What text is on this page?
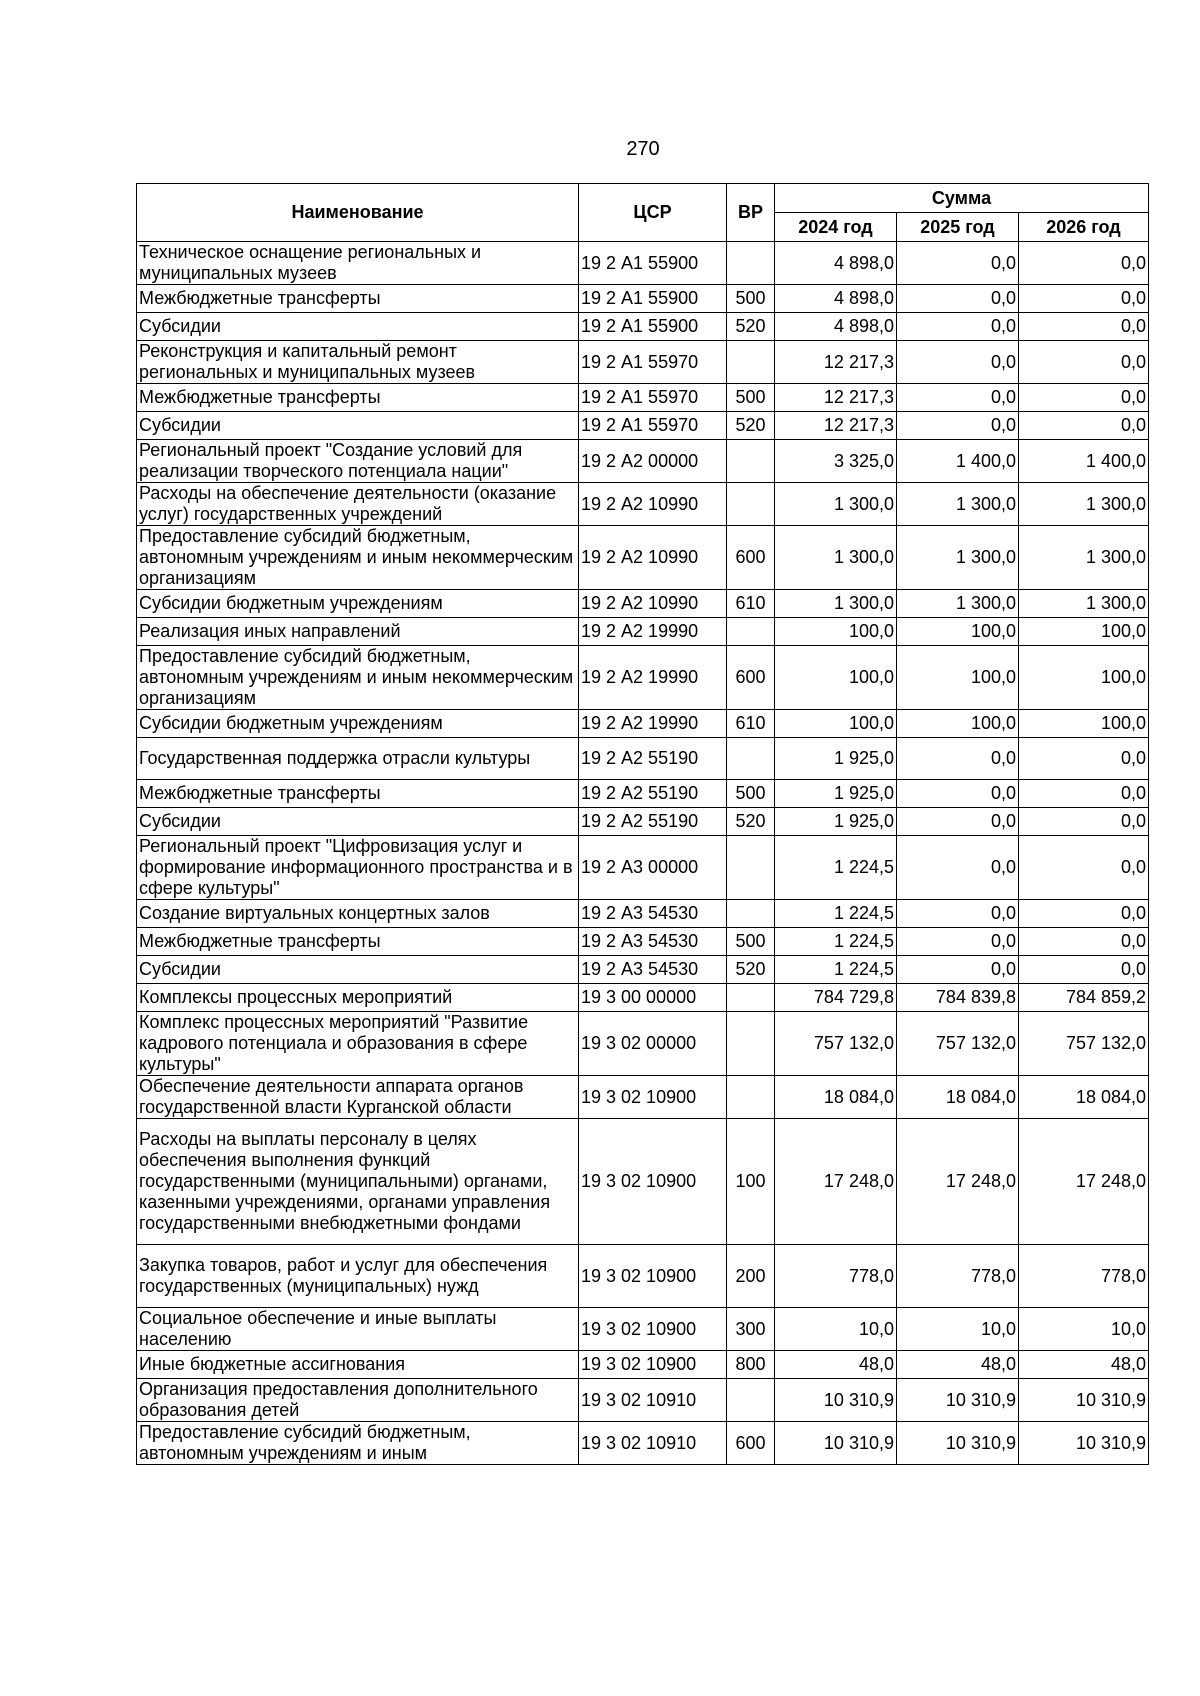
270
Наименование	ЦСР	ВР	Сумма		
			2024 год	2025 год	2026 год
Техническое оснащение региональных и муниципальных музеев	19 2 А1 55900		4 898,0	0,0	0,0
Межбюджетные трансферты	19 2 А1 55900	500	4 898,0	0,0	0,0
Субсидии	19 2 А1 55900	520	4 898,0	0,0	0,0
Реконструкция и капитальный ремонт региональных и муниципальных музеев	19 2 А1 55970		12 217,3	0,0	0,0
Межбюджетные трансферты	19 2 А1 55970	500	12 217,3	0,0	0,0
Субсидии	19 2 А1 55970	520	12 217,3	0,0	0,0
Региональный проект "Создание условий для реализации творческого потенциала нации"	19 2 А2 00000		3 325,0	1 400,0	1 400,0
Расходы на обеспечение деятельности (оказание услуг) государственных учреждений	19 2 А2 10990		1 300,0	1 300,0	1 300,0
Предоставление субсидий бюджетным, автономным учреждениям и иным некоммерческим организациям	19 2 А2 10990	600	1 300,0	1 300,0	1 300,0
Субсидии бюджетным учреждениям	19 2 А2 10990	610	1 300,0	1 300,0	1 300,0
Реализация иных направлений	19 2 А2 19990		100,0	100,0	100,0
Предоставление субсидий бюджетным, автономным учреждениям и иным некоммерческим организациям	19 2 А2 19990	600	100,0	100,0	100,0
Субсидии бюджетным учреждениям	19 2 А2 19990	610	100,0	100,0	100,0
Государственная поддержка отрасли культуры	19 2 А2 55190		1 925,0	0,0	0,0
Межбюджетные трансферты	19 2 А2 55190	500	1 925,0	0,0	0,0
Субсидии	19 2 А2 55190	520	1 925,0	0,0	0,0
Региональный проект "Цифровизация услуг и формирование информационного пространства и в сфере культуры"	19 2 А3 00000		1 224,5	0,0	0,0
Создание виртуальных концертных залов	19 2 А3 54530		1 224,5	0,0	0,0
Межбюджетные трансферты	19 2 А3 54530	500	1 224,5	0,0	0,0
Субсидии	19 2 А3 54530	520	1 224,5	0,0	0,0
Комплексы процессных мероприятий	19 3 00 00000		784 729,8	784 839,8	784 859,2
Комплекс процессных мероприятий "Развитие кадрового потенциала и образования в сфере культуры"	19 3 02 00000		757 132,0	757 132,0	757 132,0
Обеспечение деятельности аппарата органов государственной власти Курганской области	19 3 02 10900		18 084,0	18 084,0	18 084,0
Расходы на выплаты персоналу в целях обеспечения выполнения функций государственными (муниципальными) органами, казенными учреждениями, органами управления государственными внебюджетными фондами	19 3 02 10900	100	17 248,0	17 248,0	17 248,0
Закупка товаров, работ и услуг для обеспечения государственных (муниципальных) нужд	19 3 02 10900	200	778,0	778,0	778,0
Социальное обеспечение и иные выплаты населению	19 3 02 10900	300	10,0	10,0	10,0
Иные бюджетные ассигнования	19 3 02 10900	800	48,0	48,0	48,0
Организация предоставления дополнительного образования детей	19 3 02 10910		10 310,9	10 310,9	10 310,9
Предоставление субсидий бюджетным, автономным учреждениям и иным	19 3 02 10910	600	10 310,9	10 310,9	10 310,9
